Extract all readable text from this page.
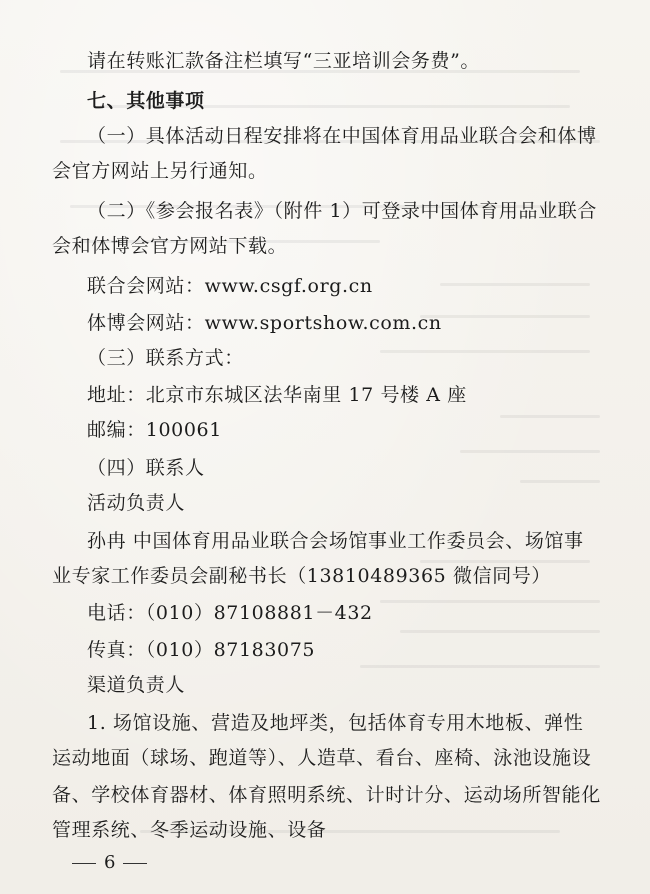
请在转账汇款备注栏填写“三亚培训会务费”。
七、其他事项
（一）具体活动日程安排将在中国体育用品业联合会和体博
会官方网站上另行通知。
（二）《参会报名表》（附件 1）可登录中国体育用品业联合
会和体博会官方网站下载。
联合会网站：www.csgf.org.cn
体博会网站：www.sportshow.com.cn
（三）联系方式：
地址：北京市东城区法华南里 17 号楼 A 座
邮编：100061
（四）联系人
活动负责人
孙冉 中国体育用品业联合会场馆事业工作委员会、场馆事
业专家工作委员会副秘书长（13810489365 微信同号）
电话：（010）87108881－432
传真：（010）87183075
渠道负责人
1. 场馆设施、营造及地坪类，包括体育专用木地板、弹性
运动地面（球场、跑道等）、人造草、看台、座椅、泳池设施设
备、学校体育器材、体育照明系统、计时计分、运动场所智能化
管理系统、冬季运动设施、设备
6
